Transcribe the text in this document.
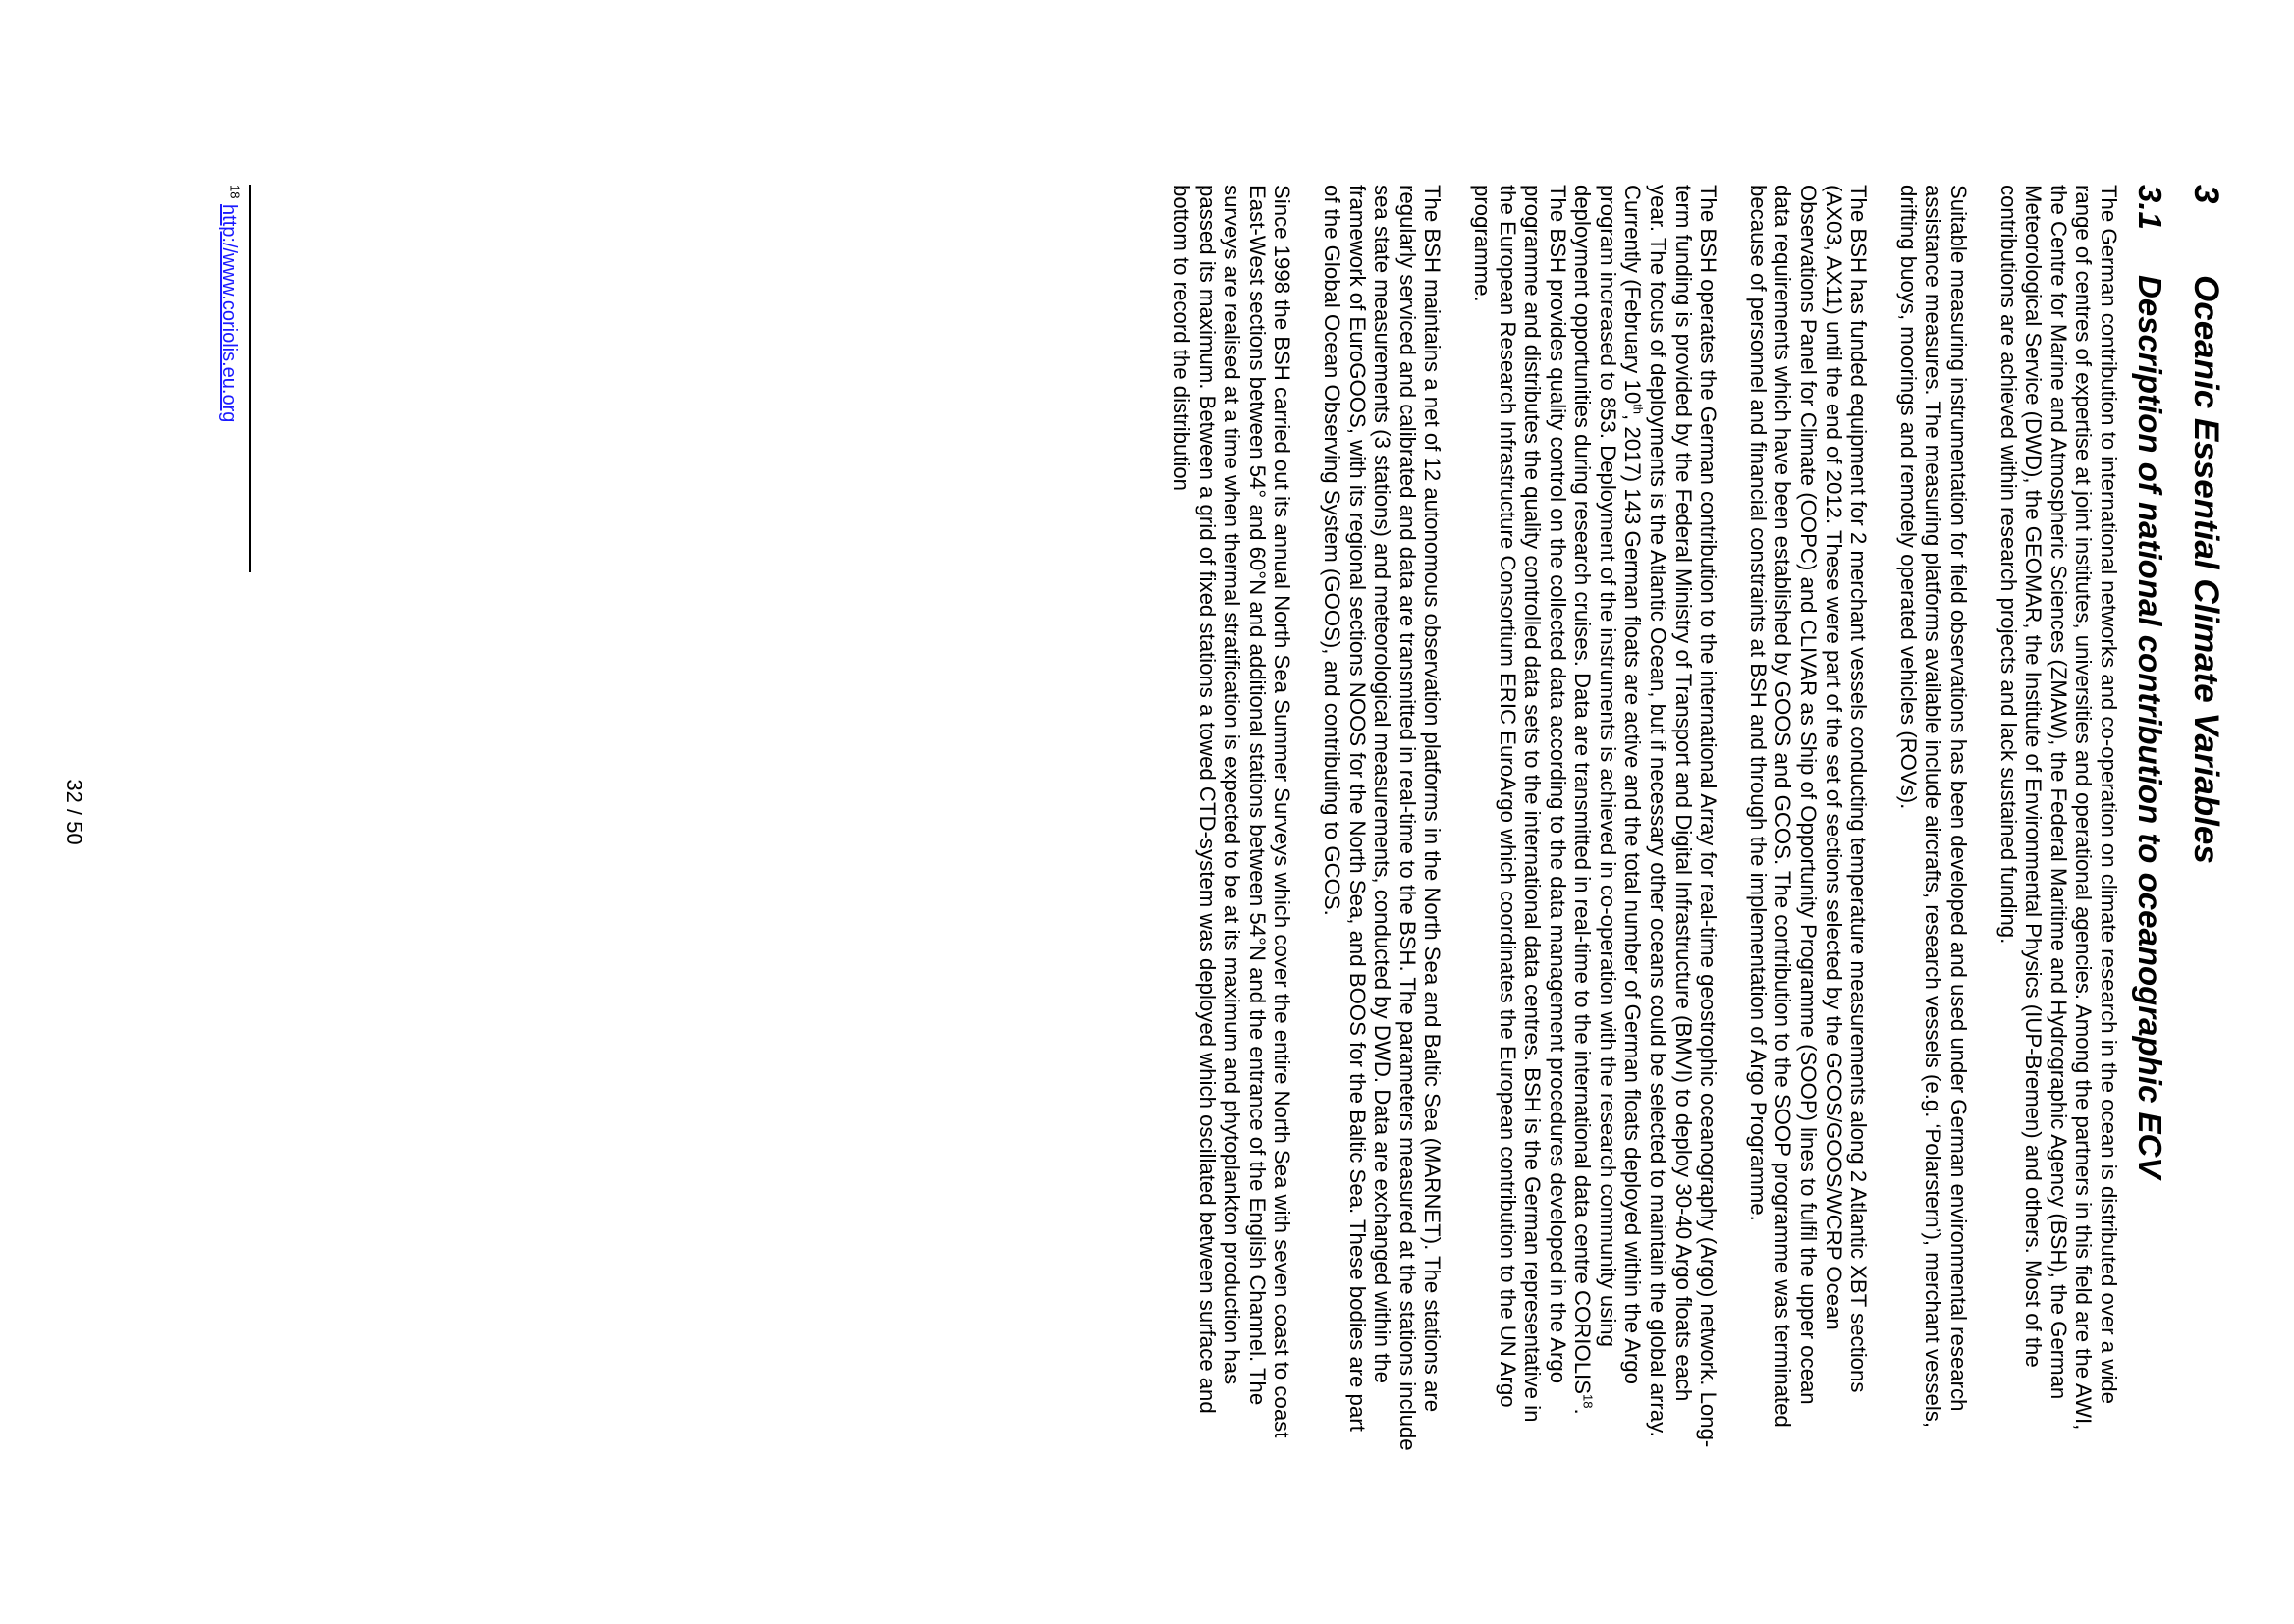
3
Oceanic Essential Climate Variables
3.1
Description of national contribution to oceanographic ECV

The German contribution to international networks and co-operation on climate research in the ocean is distributed over a wide range of centres of expertise at joint institutes, universities and operational agencies. Among the partners in this field are the AWI, the Centre for Marine and Atmospheric Sciences (ZMAW), the Federal Maritime and Hydrographic Agency (BSH), the German Meteorological Service (DWD), the GEOMAR, the Institute of Environmental Physics (IUP-Bremen) and others. Most of the contributions are achieved within research projects and lack sustained funding.

Suitable measuring instrumentation for field observations has been developed and used under German environmental research assistance measures. The measuring platforms available include aircrafts, research vessels (e.g. ‘Polarstern’), merchant vessels, drifting buoys, moorings and remotely operated vehicles (ROVs).

The BSH has funded equipment for 2 merchant vessels conducting temperature measurements along 2 Atlantic XBT sections (AX03, AX11) until the end of 2012. These were part of the set of sections selected by the GCOS/GOOS/WCRP Ocean Observations Panel for Climate (OOPC) and CLIVAR as Ship of Opportunity Programme (SOOP) lines to fulfil the upper ocean data requirements which have been established by GOOS and GCOS. The contribution to the SOOP programme was terminated because of personnel and financial constraints at BSH and through the implementation of Argo Programme.

The BSH operates the German contribution to the international Array for real-time geostrophic oceanography (Argo) network. Long-term funding is provided by the Federal Ministry of Transport and Digital Infrastructure (BMVI) to deploy 30-40 Argo floats each year. The focus of deployments is the Atlantic Ocean, but if necessary other oceans could be selected to maintain the global array. Currently (February 10th, 2017) 143 German floats are active and the total number of German floats deployed within the Argo program increased to 853. Deployment of the instruments is achieved in co-operation with the research community using deployment opportunities during research cruises. Data are transmitted in real-time to the international data centre CORIOLIS$^{18}$. The BSH provides quality control on the collected data according to the data management procedures developed in the Argo programme and distributes the quality controlled data sets to the international data centres. BSH is the German representative in the European Research Infrastructure Consortium ERIC EuroArgo which coordinates the European contribution to the UN Argo programme.

The BSH maintains a net of 12 autonomous observation platforms in the North Sea and Baltic Sea (MARNET). The stations are regularly serviced and calibrated and data are transmitted in real-time to the BSH. The parameters measured at the stations include sea state measurements (3 stations) and meteorological measurements, conducted by DWD. Data are exchanged within the framework of EuroGOOS, with its regional sections NOOS for the North Sea, and BOOS for the Baltic Sea. These bodies are part of the Global Ocean Observing System (GOOS), and contributing to GCOS.

Since 1998 the BSH carried out its annual North Sea Summer Surveys which cover the entire North Sea with seven coast to coast East-West sections between 54° and 60°N and additional stations between 54°N and the entrance of the English Channel. The surveys are realised at a time when thermal stratification is expected to be at its maximum and phytoplankton production has passed its maximum. Between a grid of fixed stations a towed CTD-system was deployed which oscillated between surface and bottom to record the distribution

$^{18}$ http://www.coriolis.eu.org
32 / 50
